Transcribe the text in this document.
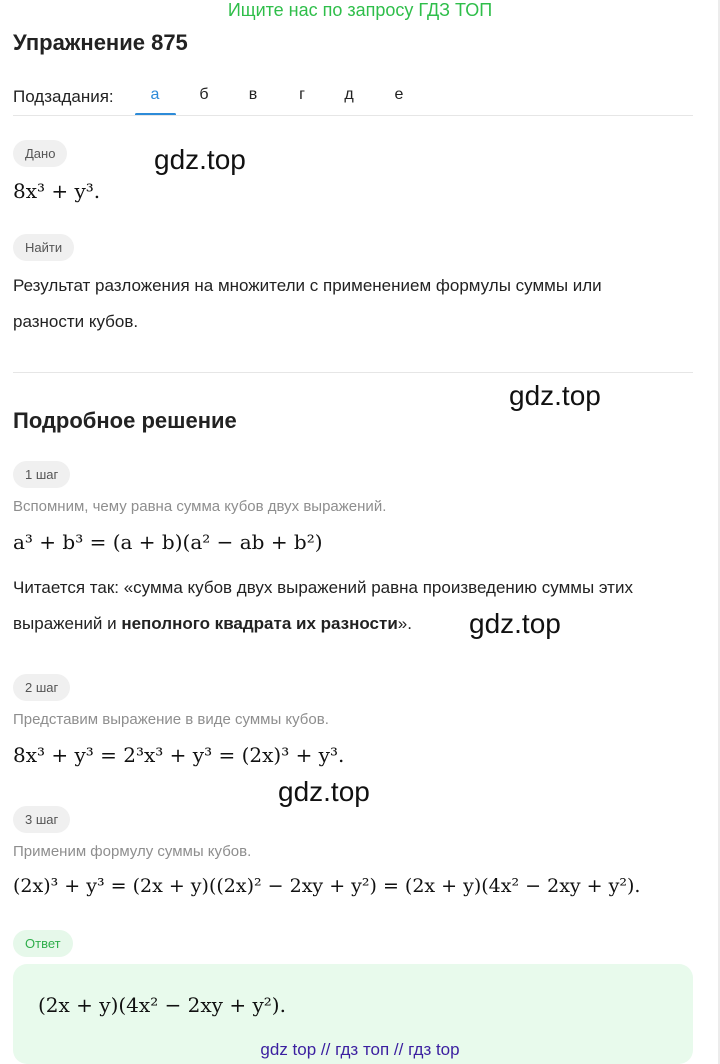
Ищите нас по запросу ГДЗ ТОП
Упражнение 875
Подзадания:	а	б	в	г	д	е
Дано
8x³ + y³.
Найти
Результат разложения на множители с применением формулы суммы или
разности кубов.
Подробное решение
1 шаг
Вспомним, чему равна сумма кубов двух выражений.
a³ + b³ = (a + b)(a² − ab + b²)
Читается так: «сумма кубов двух выражений равна произведению суммы этих
выражений и неполного квадрата их разности».
2 шаг
Представим выражение в виде суммы кубов.
8x³ + y³ = 2³x³ + y³ = (2x)³ + y³.
3 шаг
Применим формулу суммы кубов.
(2x)³ + y³ = (2x + y)((2x)² − 2xy + y²) = (2x + y)(4x² − 2xy + y²).
Ответ
(2x + y)(4x² − 2xy + y²).
gdz.top
gdz.top
gdz.top
gdz.top
gdz top // гдз топ // гдз top
